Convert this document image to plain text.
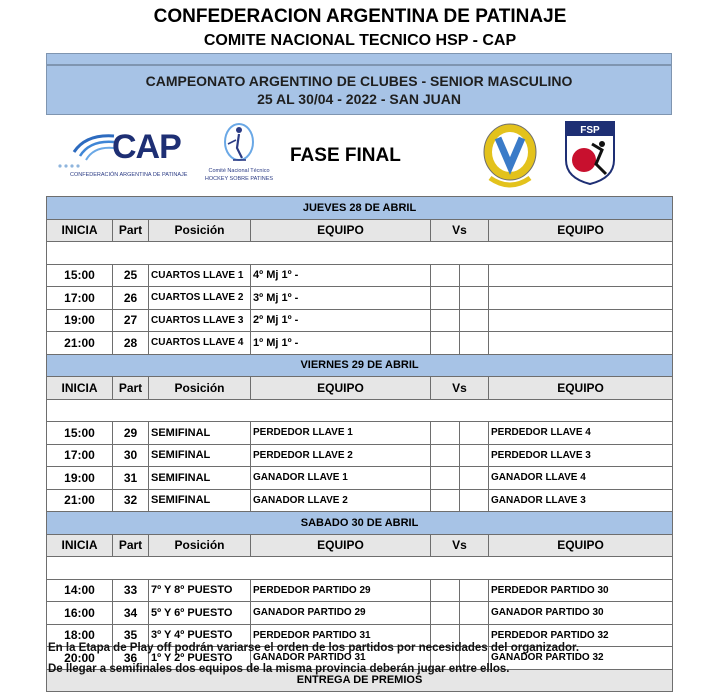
CONFEDERACION ARGENTINA DE PATINAJE
COMITE NACIONAL TECNICO HSP - CAP
CAMPEONATO ARGENTINO DE CLUBES - SENIOR MASCULINO
25 AL 30/04 - 2022 - SAN JUAN
CAP
CONFEDERACIÓN ARGENTINA DE PATINAJE
Comité Nacional Técnico
HOCKEY SOBRE PATINES
FASE FINAL
FSP
JUEVES 28 DE ABRIL						
INICIA	Part	Posición	EQUIPO	Vs		EQUIPO

15:00	25	CUARTOS LLAVE 1	4º Mj 1º -			
17:00	26	CUARTOS LLAVE 2	3º Mj 1º -			
19:00	27	CUARTOS LLAVE 3	2º Mj 1º -			
21:00	28	CUARTOS LLAVE 4	1º Mj 1º -			
VIERNES 29 DE ABRIL						
INICIA	Part	Posición	EQUIPO	Vs		EQUIPO

15:00	29	SEMIFINAL	PERDEDOR LLAVE 1			PERDEDOR LLAVE 4
17:00	30	SEMIFINAL	PERDEDOR LLAVE 2			PERDEDOR LLAVE 3
19:00	31	SEMIFINAL	GANADOR LLAVE 1			GANADOR LLAVE 4
21:00	32	SEMIFINAL	GANADOR LLAVE 2			GANADOR LLAVE 3
SABADO 30 DE ABRIL						
INICIA	Part	Posición	EQUIPO	Vs		EQUIPO

14:00	33	7º Y 8º PUESTO	PERDEDOR PARTIDO 29			PERDEDOR PARTIDO 30
16:00	34	5º Y 6º PUESTO	GANADOR PARTIDO 29			GANADOR PARTIDO 30
18:00	35	3º Y 4º PUESTO	PERDEDOR PARTIDO 31			PERDEDOR PARTIDO 32
20:00	36	1º Y 2º PUESTO	GANADOR PARTIDO 31			GANADOR PARTIDO 32
ENTREGA DE PREMIOS						
En la Etapa de Play off podrán variarse el orden de los partidos por necesidades del organizador.
De llegar a semifinales dos equipos de la misma provincia deberán jugar entre ellos.
